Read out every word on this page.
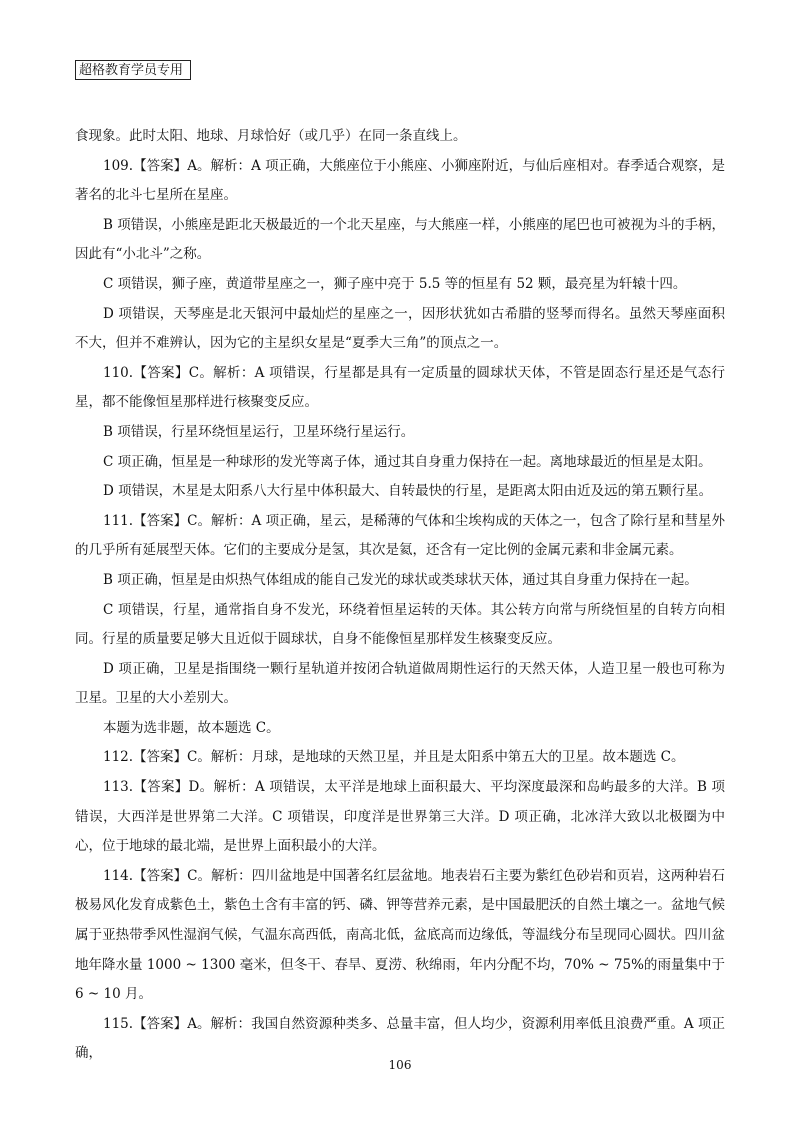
超格教育学员专用

食现象。此时太阳、地球、月球恰好（或几乎）在同一条直线上。

109.【答案】A。解析：A 项正确，大熊座位于小熊座、小狮座附近，与仙后座相对。春季适合观察，是著名的北斗七星所在星座。

B 项错误，小熊座是距北天极最近的一个北天星座，与大熊座一样，小熊座的尾巴也可被视为斗的手柄，因此有“小北斗”之称。

C 项错误，狮子座，黄道带星座之一，狮子座中亮于 5.5 等的恒星有 52 颗，最亮星为轩辕十四。

D 项错误，天琴座是北天银河中最灿烂的星座之一，因形状犹如古希腊的竖琴而得名。虽然天琴座面积不大，但并不难辨认，因为它的主星织女星是“夏季大三角”的顶点之一。

110.【答案】C。解析：A 项错误，行星都是具有一定质量的圆球状天体，不管是固态行星还是气态行星，都不能像恒星那样进行核聚变反应。

B 项错误，行星环绕恒星运行，卫星环绕行星运行。

C 项正确，恒星是一种球形的发光等离子体，通过其自身重力保持在一起。离地球最近的恒星是太阳。

D 项错误，木星是太阳系八大行星中体积最大、自转最快的行星，是距离太阳由近及远的第五颗行星。

111.【答案】C。解析：A 项正确，星云，是稀薄的气体和尘埃构成的天体之一，包含了除行星和彗星外的几乎所有延展型天体。它们的主要成分是氢，其次是氦，还含有一定比例的金属元素和非金属元素。

B 项正确，恒星是由炽热气体组成的能自己发光的球状或类球状天体，通过其自身重力保持在一起。

C 项错误，行星，通常指自身不发光，环绕着恒星运转的天体。其公转方向常与所绕恒星的自转方向相同。行星的质量要足够大且近似于圆球状，自身不能像恒星那样发生核聚变反应。

D 项正确，卫星是指围绕一颗行星轨道并按闭合轨道做周期性运行的天然天体，人造卫星一般也可称为卫星。卫星的大小差别大。

本题为选非题，故本题选 C。

112.【答案】C。解析：月球，是地球的天然卫星，并且是太阳系中第五大的卫星。故本题选 C。

113.【答案】D。解析：A 项错误，太平洋是地球上面积最大、平均深度最深和岛屿最多的大洋。B 项错误，大西洋是世界第二大洋。C 项错误，印度洋是世界第三大洋。D 项正确，北冰洋大致以北极圈为中心，位于地球的最北端，是世界上面积最小的大洋。

114.【答案】C。解析：四川盆地是中国著名红层盆地。地表岩石主要为紫红色砂岩和页岩，这两种岩石极易风化发育成紫色土，紫色土含有丰富的钙、磷、钾等营养元素，是中国最肥沃的自然土壤之一。盆地气候属于亚热带季风性湿润气候，气温东高西低，南高北低，盆底高而边缘低，等温线分布呈现同心圆状。四川盆地年降水量 1000 ~ 1300 毫米，但冬干、春旱、夏涝、秋绵雨，年内分配不均，70% ~ 75%的雨量集中于 6 ~ 10 月。

115.【答案】A。解析：我国自然资源种类多、总量丰富，但人均少，资源利用率低且浪费严重。A 项正确，

106
